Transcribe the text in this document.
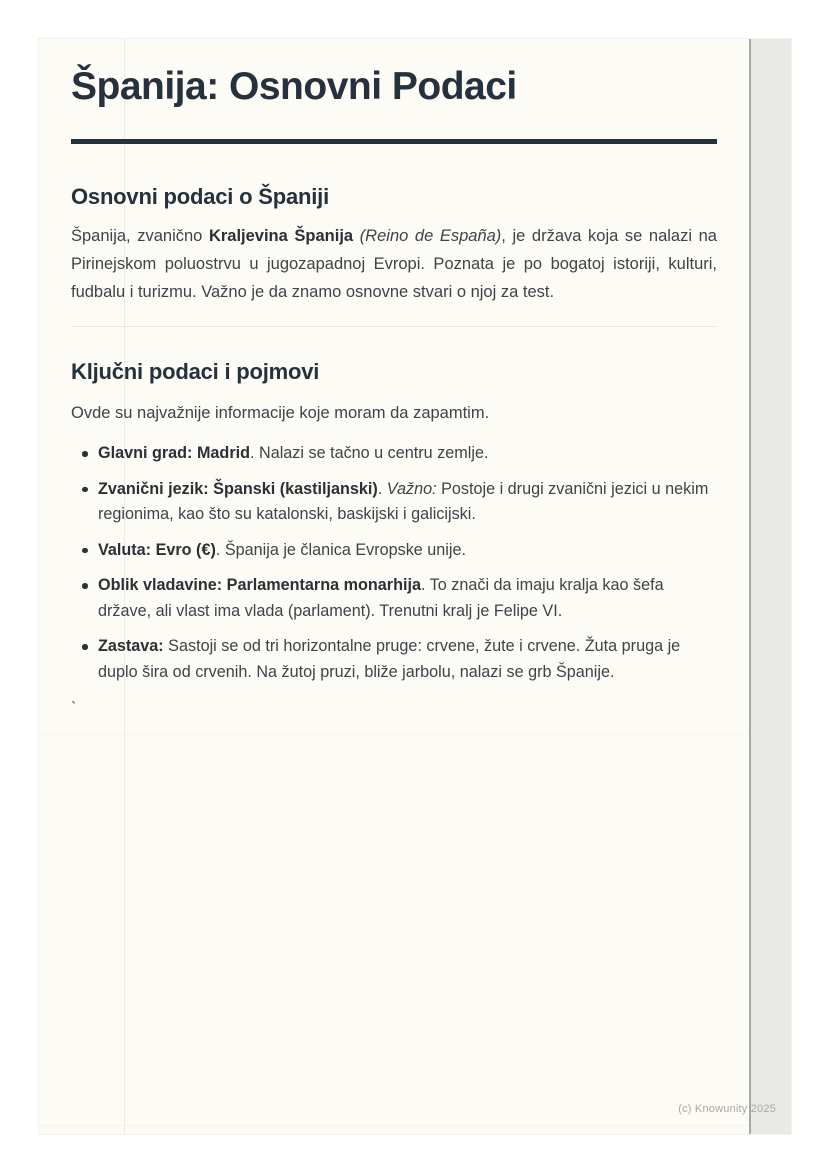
Španija: Osnovni Podaci
Osnovni podaci o Španiji

Španija, zvanično Kraljevina Španija (Reino de España), je država koja se nalazi na Pirinejskom poluostrvu u jugozapadnoj Evropi. Poznata je po bogatoj istoriji, kulturi, fudbalu i turizmu. Važno je da znamo osnovne stvari o njoj za test.

Ključni podaci i pojmovi

Ovde su najvažnije informacije koje moram da zapamtim.

Glavni grad: Madrid. Nalazi se tačno u centru zemlje.
Zvanični jezik: Španski (kastiljanski). Važno: Postoje i drugi zvanični jezici u nekim regionima, kao što su katalonski, baskijski i galicijski.
Valuta: Evro (€). Španija je članica Evropske unije.
Oblik vladavine: Parlamentarna monarhija. To znači da imaju kralja kao šefa države, ali vlast ima vlada (parlament). Trenutni kralj je Felipe VI.
Zastava: Sastoji se od tri horizontalne pruge: crvene, žute i crvene. Žuta pruga je duplo šira od crvenih. Na žutoj pruzi, bliže jarbolu, nalazi se grb Španije.

`

(c) Knowunity 2025
